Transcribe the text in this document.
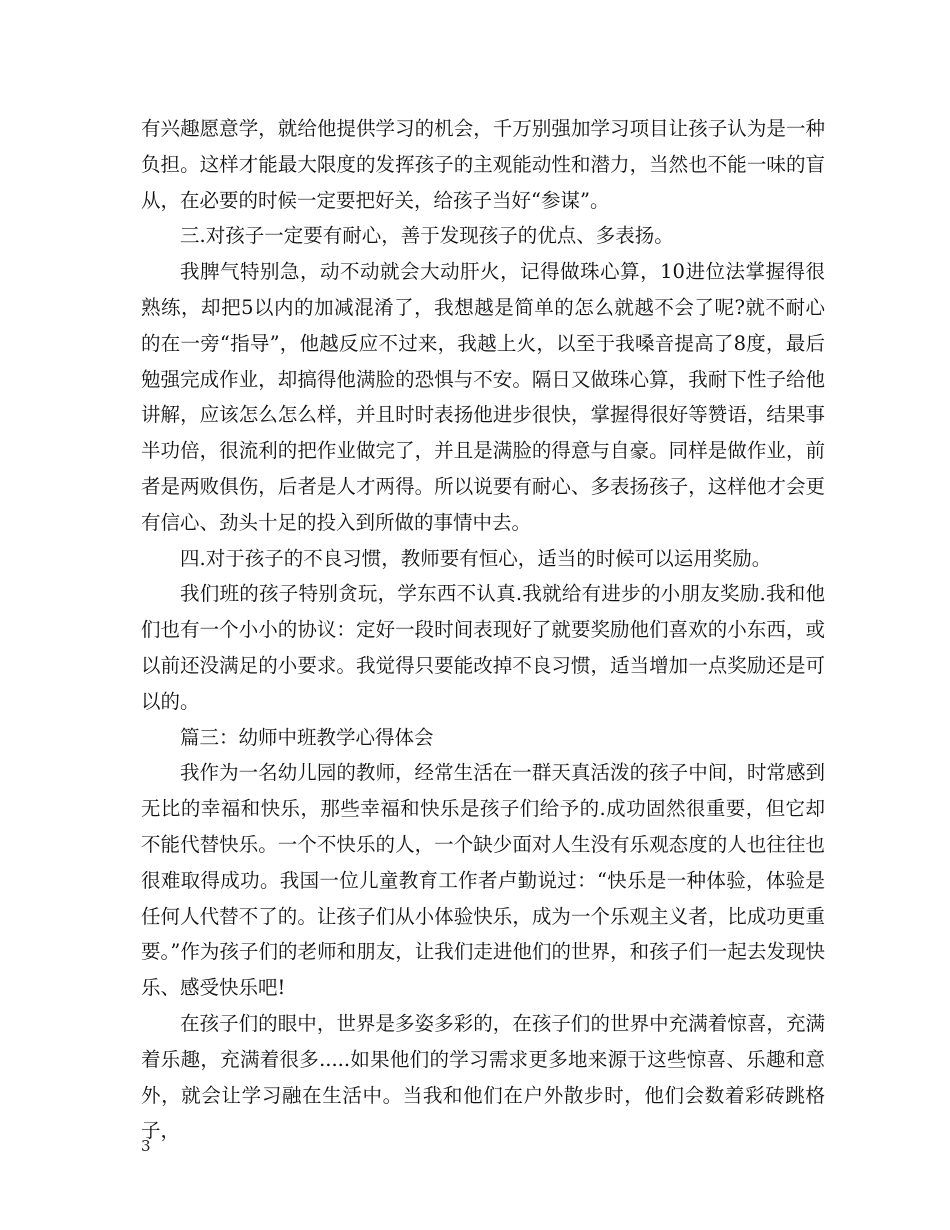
有兴趣愿意学，就给他提供学习的机会，千万别强加学习项目让孩子认为是一种负担。这样才能最大限度的发挥孩子的主观能动性和潜力，当然也不能一味的盲从，在必要的时候一定要把好关，给孩子当好“参谋”。

三.对孩子一定要有耐心，善于发现孩子的优点、多表扬。

我脾气特别急，动不动就会大动肝火，记得做珠心算，10进位法掌握得很熟练，却把5以内的加减混淆了，我想越是简单的怎么就越不会了呢?就不耐心的在一旁“指导”，他越反应不过来，我越上火，以至于我嗓音提高了8度，最后勉强完成作业，却搞得他满脸的恐惧与不安。隔日又做珠心算，我耐下性子给他讲解，应该怎么怎么样，并且时时表扬他进步很快，掌握得很好等赞语，结果事半功倍，很流利的把作业做完了，并且是满脸的得意与自豪。同样是做作业，前者是两败俱伤，后者是人才两得。所以说要有耐心、多表扬孩子，这样他才会更有信心、劲头十足的投入到所做的事情中去。

四.对于孩子的不良习惯，教师要有恒心，适当的时候可以运用奖励。

我们班的孩子特别贪玩，学东西不认真.我就给有进步的小朋友奖励.我和他们也有一个小小的协议：定好一段时间表现好了就要奖励他们喜欢的小东西，或以前还没满足的小要求。我觉得只要能改掉不良习惯，适当增加一点奖励还是可以的。

篇三：幼师中班教学心得体会

我作为一名幼儿园的教师，经常生活在一群天真活泼的孩子中间，时常感到无比的幸福和快乐，那些幸福和快乐是孩子们给予的.成功固然很重要，但它却不能代替快乐。一个不快乐的人，一个缺少面对人生没有乐观态度的人也往往也很难取得成功。我国一位儿童教育工作者卢勤说过：“快乐是一种体验，体验是任何人代替不了的。让孩子们从小体验快乐，成为一个乐观主义者，比成功更重要。”作为孩子们的老师和朋友，让我们走进他们的世界，和孩子们一起去发现快乐、感受快乐吧!

在孩子们的眼中，世界是多姿多彩的，在孩子们的世界中充满着惊喜，充满着乐趣，充满着很多.....如果他们的学习需求更多地来源于这些惊喜、乐趣和意外，就会让学习融在生活中。当我和他们在户外散步时，他们会数着彩砖跳格子，

3
